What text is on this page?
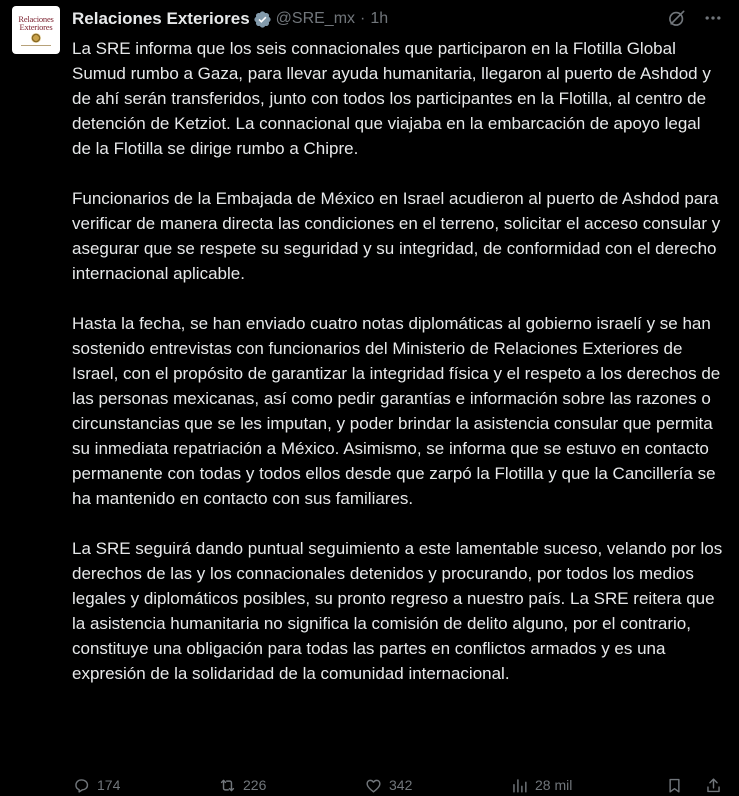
Relaciones
Exteriores Relaciones Exteriores @SRE_mx · 1h

La SRE informa que los seis connacionales que participaron en la Flotilla Global Sumud rumbo a Gaza, para llevar ayuda humanitaria, llegaron al puerto de Ashdod y de ahí serán transferidos, junto con todos los participantes en la Flotilla, al centro de detención de Ketziot. La connacional que viajaba en la embarcación de apoyo legal de la Flotilla se dirige rumbo a Chipre.

Funcionarios de la Embajada de México en Israel acudieron al puerto de Ashdod para verificar de manera directa las condiciones en el terreno, solicitar el acceso consular y asegurar que se respete su seguridad y su integridad, de conformidad con el derecho internacional aplicable.

Hasta la fecha, se han enviado cuatro notas diplomáticas al gobierno israelí y se han sostenido entrevistas con funcionarios del Ministerio de Relaciones Exteriores de Israel, con el propósito de garantizar la integridad física y el respeto a los derechos de las personas mexicanas, así como pedir garantías e información sobre las razones o circunstancias que se les imputan, y poder brindar la asistencia consular que permita su inmediata repatriación a México. Asimismo, se informa que se estuvo en contacto permanente con todas y todos ellos desde que zarpó la Flotilla y que la Cancillería se ha mantenido en contacto con sus familiares.

La SRE seguirá dando puntual seguimiento a este lamentable suceso, velando por los derechos de las y los connacionales detenidos y procurando, por todos los medios legales y diplomáticos posibles, su pronto regreso a nuestro país. La SRE reitera que la asistencia humanitaria no significa la comisión de delito alguno, por el contrario, constituye una obligación para todas las partes en conflictos armados y es una expresión de la solidaridad de la comunidad internacional.

174	226	342	28 mil
